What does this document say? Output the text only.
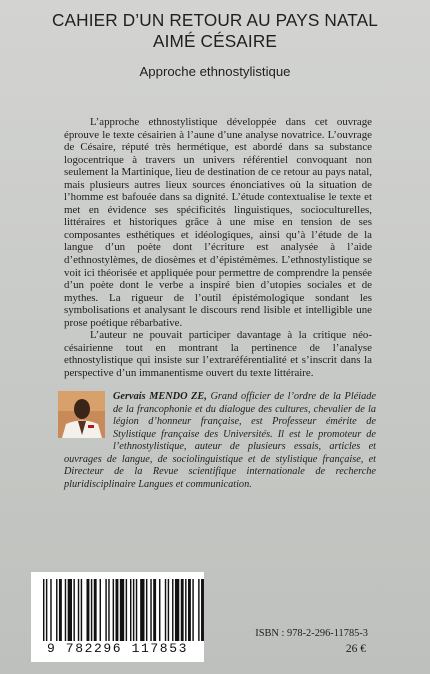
CAHIER D’UN RETOUR AU PAYS NATAL
AIMÉ CÉSAIRE
Approche ethnostylistique

L’approche ethnostylistique développée dans cet ouvrage éprouve le texte césairien à l’aune d’une analyse novatrice. L’ouvrage de Césaire, réputé très hermétique, est abordé dans sa substance logocentrique à travers un univers référentiel convoquant non seulement la Martinique, lieu de destination de ce retour au pays natal, mais plusieurs autres lieux sources énonciatives où la situation de l’homme est bafouée dans sa dignité. L’étude contextualise le texte et met en évidence ses spécificités linguistiques, socioculturelles, littéraires et historiques grâce à une mise en tension de ses composantes esthétiques et idéologiques, ainsi qu’à l’étude de la langue d’un poète dont l’écriture est analysée à l’aide d’ethnostylèmes, de diosèmes et d’épistémèmes. L’ethnostylistique se voit ici théorisée et appliquée pour permettre de comprendre la pensée d’un poète dont le verbe a inspiré bien d’utopies sociales et de mythes. La rigueur de l’outil épistémologique sondant les symbolisations et analysant le discours rend lisible et intelligible une prose poétique rébarbative.

L’auteur ne pouvait participer davantage à la critique néo-césairienne tout en montrant la pertinence de l’analyse ethnostylistique qui insiste sur l’extraréférentialité et s’inscrit dans la perspective d’un immanentisme ouvert du texte littéraire.

Gervais MENDO ZE, Grand officier de l’ordre de la Pléiade de la francophonie et du dialogue des cultures, chevalier de la légion d’honneur française, est Professeur émérite de Stylistique française des Universités. Il est le promoteur de l’ethnostylistique, auteur de plusieurs essais, articles et ouvrages de langue, de sociolinguistique et de stylistique française, et Directeur de la Revue scientifique internationale de recherche pluridisciplinaire Langues et communication.
9 782296 117853
ISBN : 978-2-296-11785-3
26 €
